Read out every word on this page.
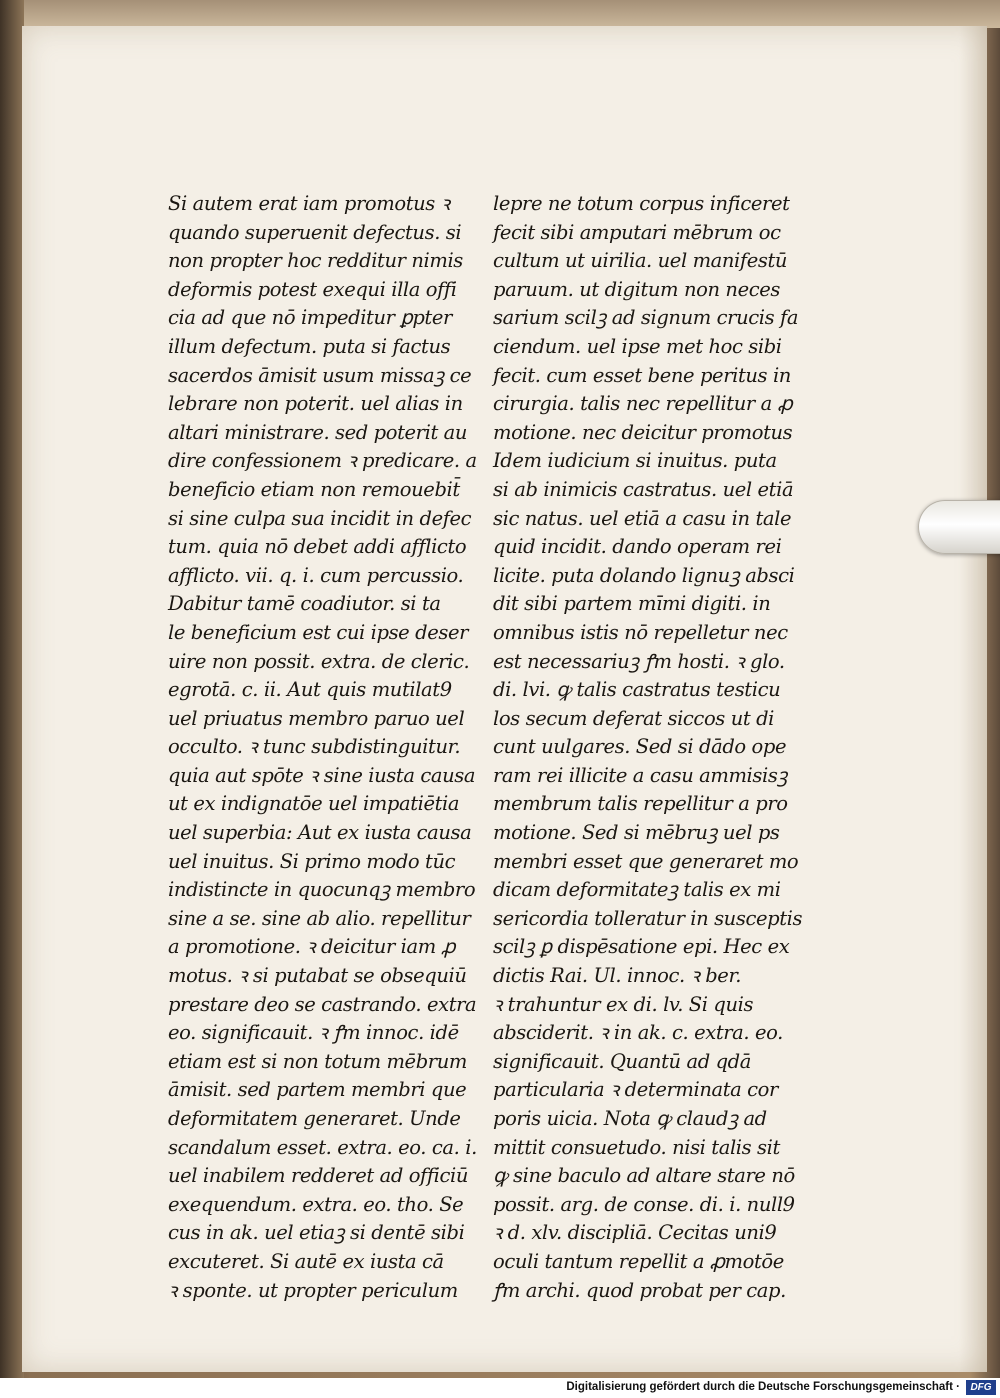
Si autem erat iam promotus ꝛ
quando superuenit defectus. si
non propter hoc redditur nimis
deformis potest exequi illa offi
cia ad que nō impeditur ꝑpter
illum defectum. puta si factus
sacerdos āmisit usum missaꝫ ce
lebrare non poterit. uel alias in
altari ministrare. sed poterit au
dire confessionem ꝛ predicare. a
beneficio etiam non remouebit̄
si sine culpa sua incidit in defec
tum. quia nō debet addi afflicto
afflicto. vii. q. i. cum percussio.
Dabitur tamē coadiutor. si ta
le beneficium est cui ipse deser
uire non possit. extra. de cleric.
egrotā. c. ii. Aut quis mutilat9
uel priuatus membro paruo uel
occulto. ꝛ tunc subdistinguitur.
quia aut spōte ꝛ sine iusta causa
ut ex indignatōe uel impatiētia
uel superbia: Aut ex iusta causa
uel inuitus. Si primo modo tūc
indistincte in quocunqꝫ membro
sine a se. sine ab alio. repellitur
a promotione. ꝛ deicitur iam ꝓ
motus. ꝛ si putabat se obsequiū
prestare deo se castrando. extra
eo. significauit. ꝛ ꝭm innoc. idē
etiam est si non totum mēbrum
āmisit. sed partem membri que
deformitatem generaret. Unde
scandalum esset. extra. eo. ca. i.
uel inabilem redderet ad officiū
exequendum. extra. eo. tho. Se
cus in ak. uel etiaꝫ si dentē sibi
excuteret. Si autē ex iusta cā
ꝛ sponte. ut propter periculum
lepre ne totum corpus inficeret
fecit sibi amputari mēbrum oc
cultum ut uirilia. uel manifestū
paruum. ut digitum non neces
sarium scilꝫ ad signum crucis fa
ciendum. uel ipse met hoc sibi
fecit. cum esset bene peritus in
cirurgia. talis nec repellitur a ꝓ
motione. nec deicitur promotus
Idem iudicium si inuitus. puta
si ab inimicis castratus. uel etiā
sic natus. uel etiā a casu in tale
quid incidit. dando operam rei
licite. puta dolando lignuꝫ absci
dit sibi partem mīmi digiti. in
omnibus istis nō repelletur nec
est necessariuꝫ ꝭm hosti. ꝛ glo.
di. lvi. ꝙ talis castratus testicu
los secum deferat siccos ut di
cunt uulgares. Sed si dādo ope
ram rei illicite a casu ammisisꝫ
membrum talis repellitur a pro
motione. Sed si mēbruꝫ uel ps
membri esset que generaret mo
dicam deformitateꝫ talis ex mi
sericordia tolleratur in susceptis
scilꝫ ꝑ dispēsatione epi. Hec ex
dictis Rai. Ul. innoc. ꝛ ber.
ꝛ trahuntur ex di. lv. Si quis
absciderit. ꝛ in ak. c. extra. eo.
significauit. Quantū ad qdā
particularia ꝛ determinata cor
poris uicia. Nota ꝙ claudꝫ ad
mittit consuetudo. nisi talis sit
ꝙ sine baculo ad altare stare nō
possit. arg. de conse. di. i. null9
ꝛ d. xlv. discipliā. Cecitas uni9
oculi tantum repellit a ꝓmotōe
ꝭm archi. quod probat per cap.
Digitalisierung gefördert durch die Deutsche Forschungsgemeinschaft ·	DFG
